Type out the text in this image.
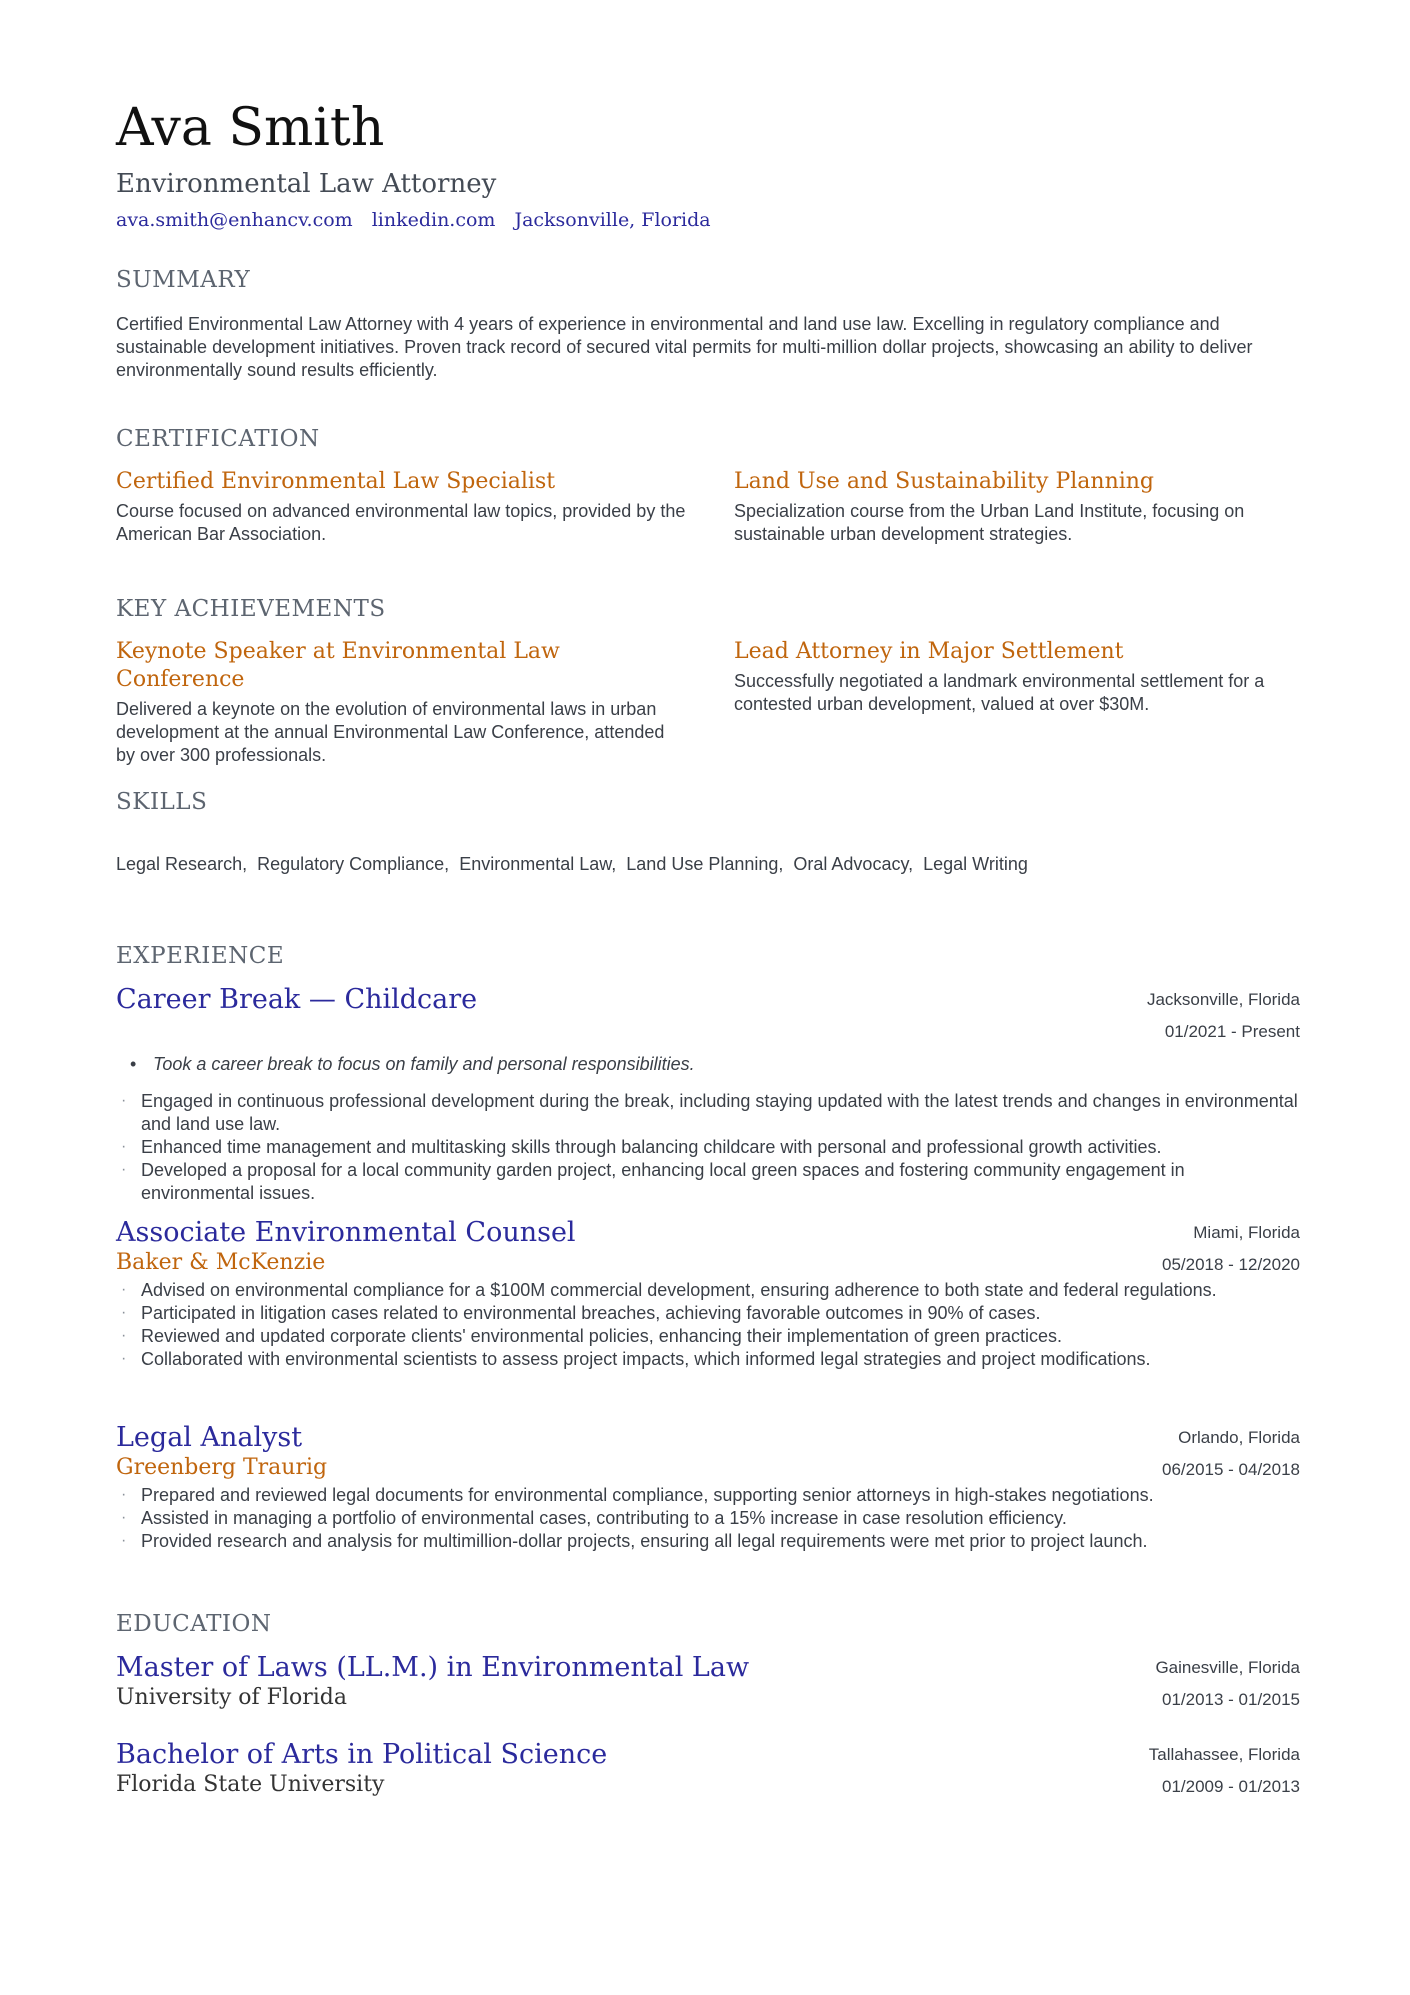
Ava Smith
Environmental Law Attorney
ava.smith@enhancv.com linkedin.com Jacksonville, Florida
SUMMARY
Certified Environmental Law Attorney with 4 years of experience in environmental and land use law. Excelling in regulatory compliance and sustainable development initiatives. Proven track record of secured vital permits for multi-million dollar projects, showcasing an ability to deliver environmentally sound results efficiently.
CERTIFICATION
Certified Environmental Law Specialist
Course focused on advanced environmental law topics, provided by the American Bar Association.
Land Use and Sustainability Planning
Specialization course from the Urban Land Institute, focusing on sustainable urban development strategies.
KEY ACHIEVEMENTS
Keynote Speaker at Environmental Law Conference
Delivered a keynote on the evolution of environmental laws in urban development at the annual Environmental Law Conference, attended by over 300 professionals.
Lead Attorney in Major Settlement
Successfully negotiated a landmark environmental settlement for a contested urban development, valued at over $30M.
SKILLS
Legal Research, Regulatory Compliance, Environmental Law, Land Use Planning, Oral Advocacy, Legal Writing
EXPERIENCE
Career Break — Childcare	Jacksonville, Florida
01/2021 - Present
• Took a career break to focus on family and personal responsibilities.
· Engaged in continuous professional development during the break, including staying updated with the latest trends and changes in environmental and land use law.
· Enhanced time management and multitasking skills through balancing childcare with personal and professional growth activities.
· Developed a proposal for a local community garden project, enhancing local green spaces and fostering community engagement in environmental issues.
Associate Environmental Counsel
Baker & McKenzie
Miami, Florida
05/2018 - 12/2020
· Advised on environmental compliance for a $100M commercial development, ensuring adherence to both state and federal regulations.
· Participated in litigation cases related to environmental breaches, achieving favorable outcomes in 90% of cases.
· Reviewed and updated corporate clients' environmental policies, enhancing their implementation of green practices.
· Collaborated with environmental scientists to assess project impacts, which informed legal strategies and project modifications.
Legal Analyst
Greenberg Traurig
Orlando, Florida
06/2015 - 04/2018
· Prepared and reviewed legal documents for environmental compliance, supporting senior attorneys in high-stakes negotiations.
· Assisted in managing a portfolio of environmental cases, contributing to a 15% increase in case resolution efficiency.
· Provided research and analysis for multimillion-dollar projects, ensuring all legal requirements were met prior to project launch.
EDUCATION
Master of Laws (LL.M.) in Environmental Law
University of Florida
Gainesville, Florida
01/2013 - 01/2015
Bachelor of Arts in Political Science
Florida State University
Tallahassee, Florida
01/2009 - 01/2013
